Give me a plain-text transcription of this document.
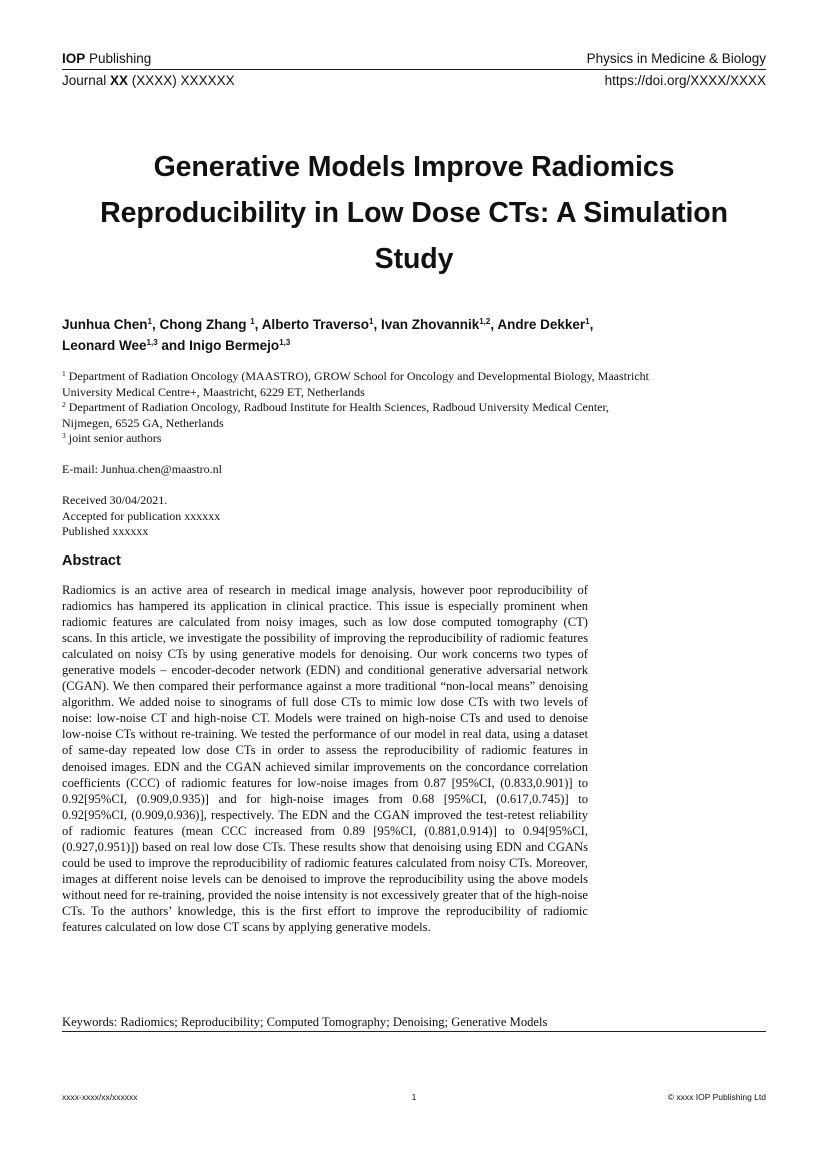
IOP Publishing	Physics in Medicine & Biology
Journal XX (XXXX) XXXXXX	https://doi.org/XXXX/XXXX
Generative Models Improve Radiomics Reproducibility in Low Dose CTs: A Simulation Study
Junhua Chen$^1$, Chong Zhang $^1$, Alberto Traverso$^1$, Ivan Zhovannik$^{1,2}$, Andre Dekker$^1$,
Leonard Wee$^{1,3}$ and Inigo Bermejo$^{1,3}$
$^1$ Department of Radiation Oncology (MAASTRO), GROW School for Oncology and Developmental Biology, Maastricht University Medical Centre+, Maastricht, 6229 ET, Netherlands
$^2$ Department of Radiation Oncology, Radboud Institute for Health Sciences, Radboud University Medical Center, Nijmegen, 6525 GA, Netherlands
$^3$ joint senior authors
E-mail: Junhua.chen@maastro.nl
Received 30/04/2021.
Accepted for publication xxxxxx
Published xxxxxx
Abstract
Radiomics is an active area of research in medical image analysis, however poor reproducibility of radiomics has hampered its application in clinical practice. This issue is especially prominent when radiomic features are calculated from noisy images, such as low dose computed tomography (CT) scans. In this article, we investigate the possibility of improving the reproducibility of radiomic features calculated on noisy CTs by using generative models for denoising. Our work concerns two types of generative models – encoder-decoder network (EDN) and conditional generative adversarial network (CGAN). We then compared their performance against a more traditional “non-local means” denoising algorithm. We added noise to sinograms of full dose CTs to mimic low dose CTs with two levels of noise: low-noise CT and high-noise CT. Models were trained on high-noise CTs and used to denoise low-noise CTs without re-training. We tested the performance of our model in real data, using a dataset of same-day repeated low dose CTs in order to assess the reproducibility of radiomic features in denoised images. EDN and the CGAN achieved similar improvements on the concordance correlation coefficients (CCC) of radiomic features for low-noise images from 0.87 [95%CI, (0.833,0.901)] to 0.92[95%CI, (0.909,0.935)] and for high-noise images from 0.68 [95%CI, (0.617,0.745)] to 0.92[95%CI, (0.909,0.936)], respectively. The EDN and the CGAN improved the test-retest reliability of radiomic features (mean CCC increased from 0.89 [95%CI, (0.881,0.914)] to 0.94[95%CI, (0.927,0.951)]) based on real low dose CTs. These results show that denoising using EDN and CGANs could be used to improve the reproducibility of radiomic features calculated from noisy CTs. Moreover, images at different noise levels can be denoised to improve the reproducibility using the above models without need for re-training, provided the noise intensity is not excessively greater that of the high-noise CTs. To the authors’ knowledge, this is the first effort to improve the reproducibility of radiomic features calculated on low dose CT scans by applying generative models.
Keywords: Radiomics; Reproducibility; Computed Tomography; Denoising; Generative Models
xxxx-xxxx/xx/xxxxxx	1	© xxxx IOP Publishing Ltd
